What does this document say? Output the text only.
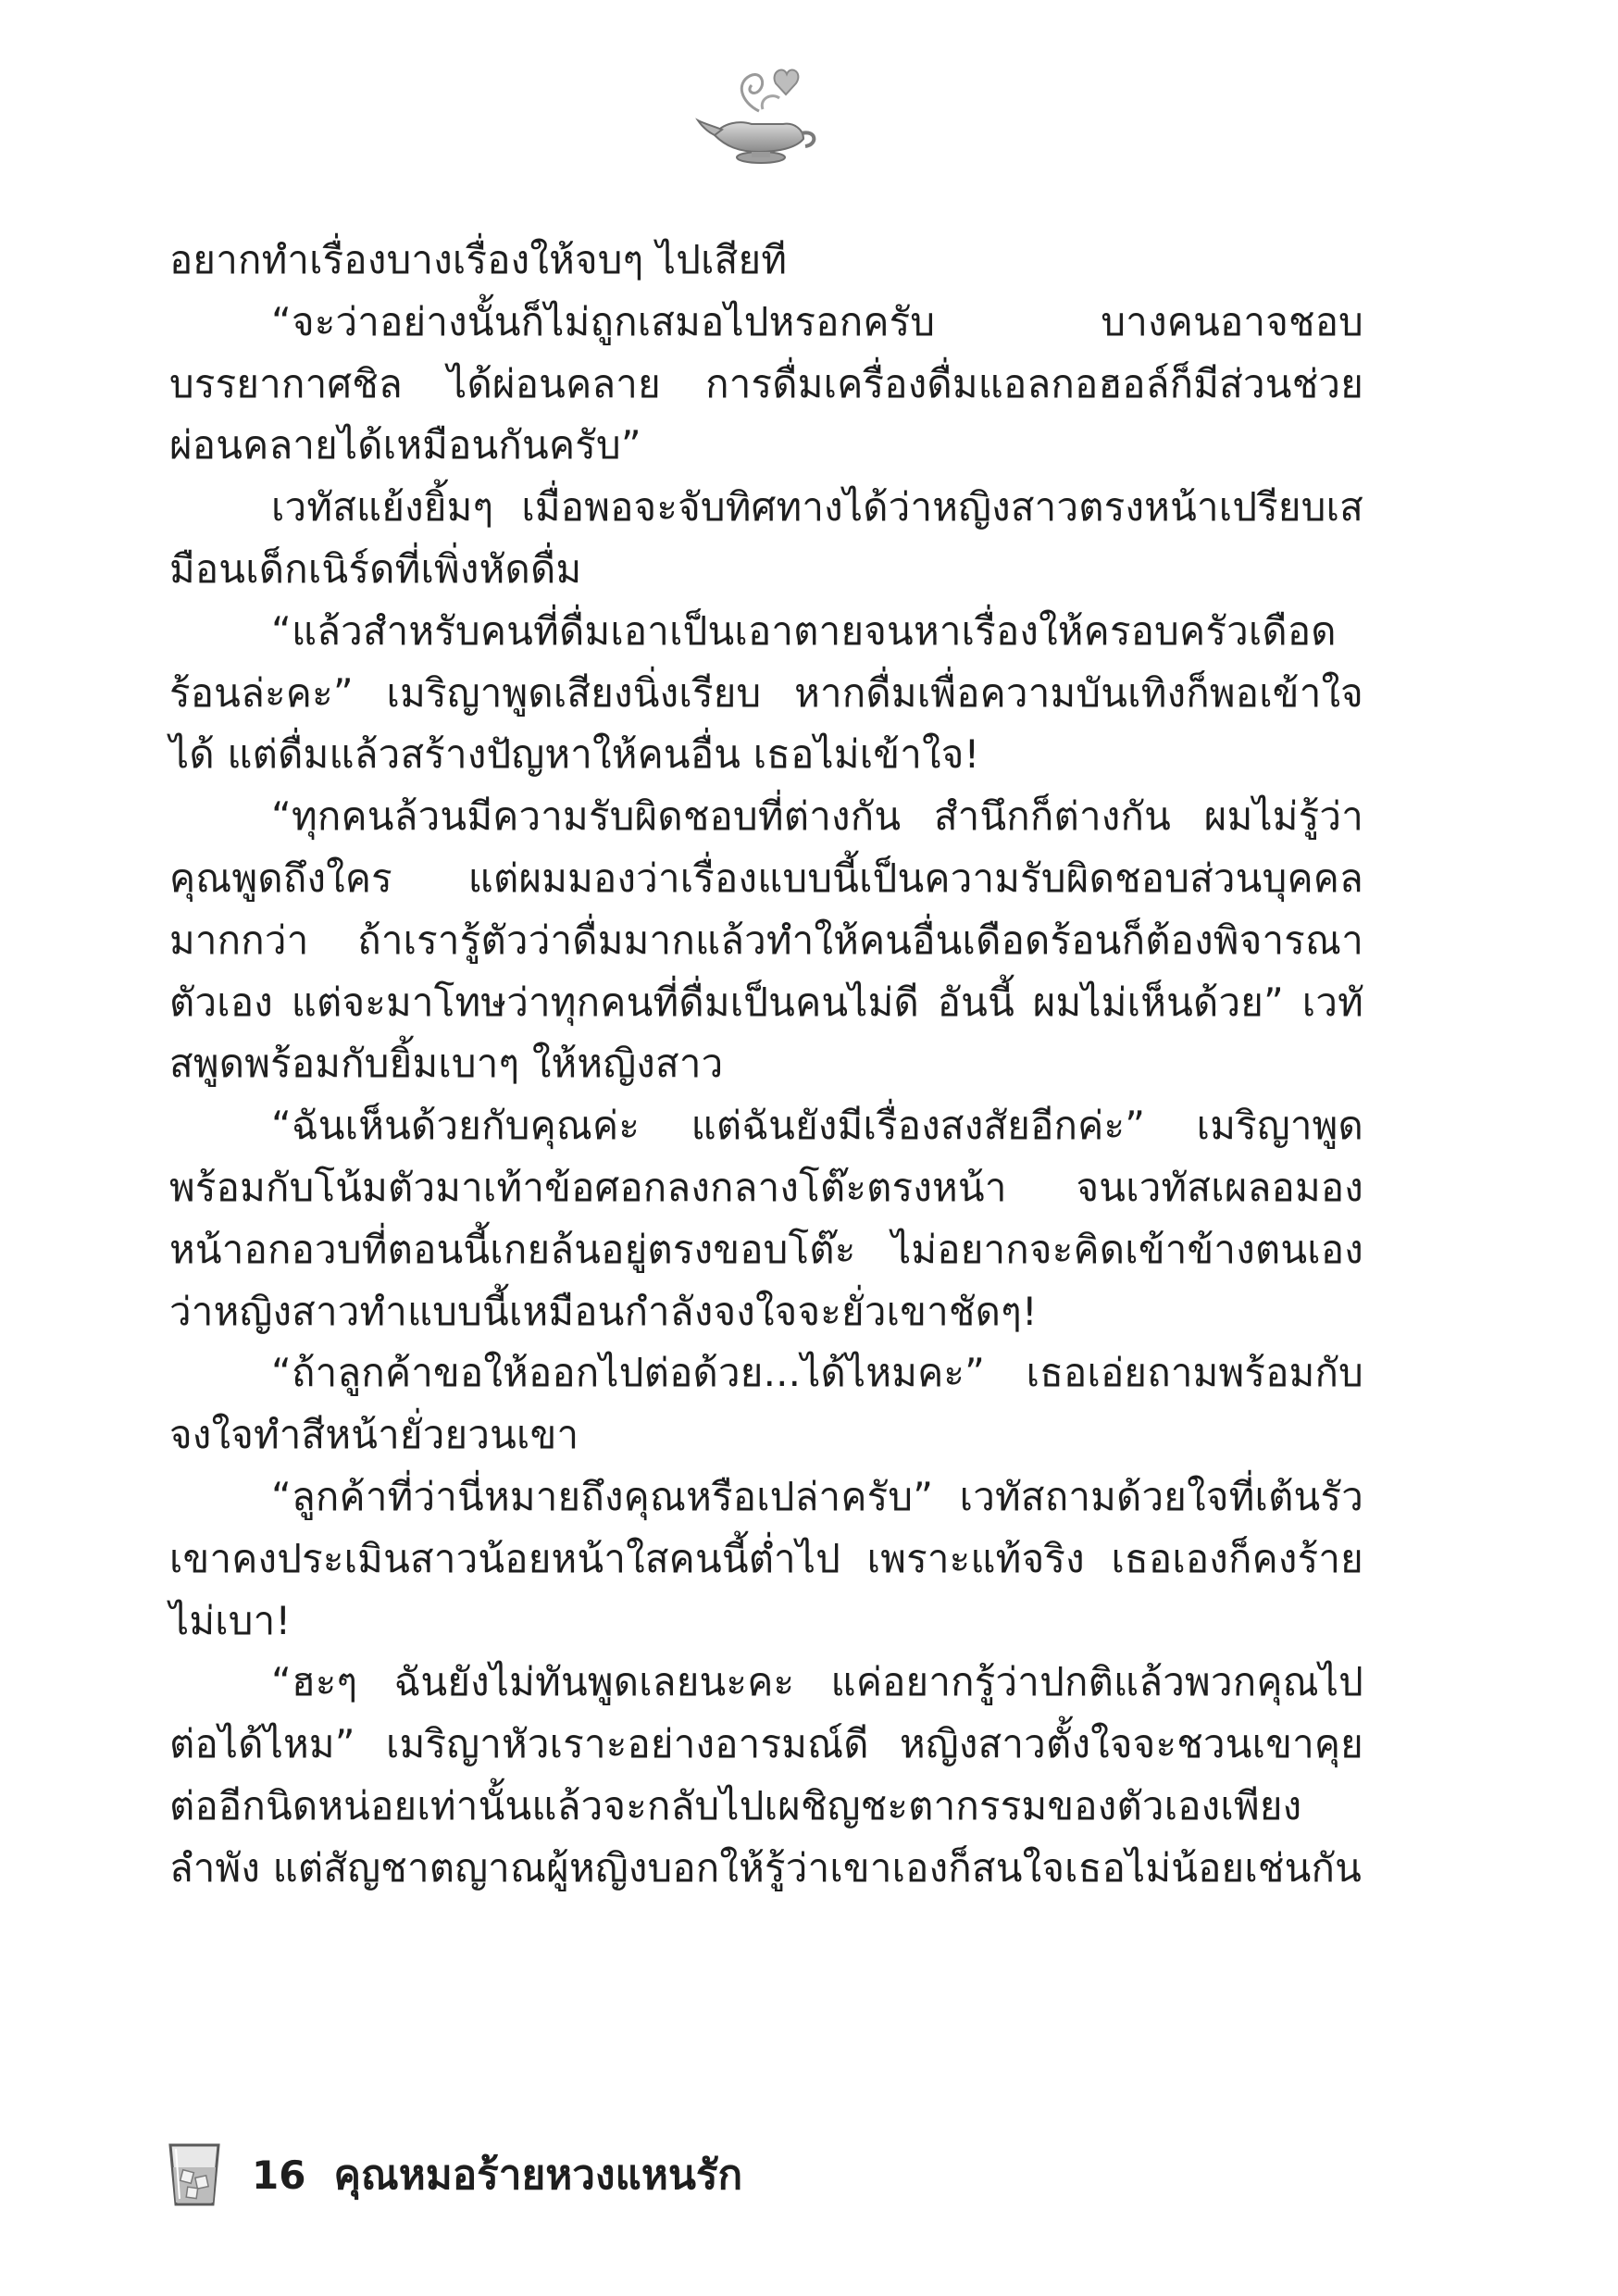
อยากทำเรื่องบางเรื่องให้จบๆ ไปเสียที

“จะว่าอย่างนั้นก็ไม่ถูกเสมอไปหรอกครับ บางคนอาจชอบบรรยากาศชิล ได้ผ่อนคลาย การดื่มเครื่องดื่มแอลกอฮอล์ก็มีส่วนช่วยผ่อนคลายได้เหมือนกันครับ”

เวทัสแย้งยิ้มๆ เมื่อพอจะจับทิศทางได้ว่าหญิงสาวตรงหน้าเปรียบเสมือนเด็กเนิร์ดที่เพิ่งหัดดื่ม

“แล้วสำหรับคนที่ดื่มเอาเป็นเอาตายจนหาเรื่องให้ครอบครัวเดือดร้อนล่ะคะ” เมริญาพูดเสียงนิ่งเรียบ หากดื่มเพื่อความบันเทิงก็พอเข้าใจได้ แต่ดื่มแล้วสร้างปัญหาให้คนอื่น เธอไม่เข้าใจ!

“ทุกคนล้วนมีความรับผิดชอบที่ต่างกัน สำนึกก็ต่างกัน ผมไม่รู้ว่าคุณพูดถึงใคร แต่ผมมองว่าเรื่องแบบนี้เป็นความรับผิดชอบส่วนบุคคลมากกว่า ถ้าเรารู้ตัวว่าดื่มมากแล้วทำให้คนอื่นเดือดร้อนก็ต้องพิจารณาตัวเอง แต่จะมาโทษว่าทุกคนที่ดื่มเป็นคนไม่ดี อันนี้ ผมไม่เห็นด้วย” เวทัสพูดพร้อมกับยิ้มเบาๆ ให้หญิงสาว

“ฉันเห็นด้วยกับคุณค่ะ แต่ฉันยังมีเรื่องสงสัยอีกค่ะ” เมริญาพูดพร้อมกับโน้มตัวมาเท้าข้อศอกลงกลางโต๊ะตรงหน้า จนเวทัสเผลอมองหน้าอกอวบที่ตอนนี้เกยล้นอยู่ตรงขอบโต๊ะ ไม่อยากจะคิดเข้าข้างตนเองว่าหญิงสาวทำแบบนี้เหมือนกำลังจงใจจะยั่วเขาชัดๆ!

“ถ้าลูกค้าขอให้ออกไปต่อด้วย...ได้ไหมคะ” เธอเอ่ยถามพร้อมกับจงใจทำสีหน้ายั่วยวนเขา

“ลูกค้าที่ว่านี่หมายถึงคุณหรือเปล่าครับ” เวทัสถามด้วยใจที่เต้นรัว เขาคงประเมินสาวน้อยหน้าใสคนนี้ต่ำไป เพราะแท้จริง เธอเองก็คงร้ายไม่เบา!

“ฮะๆ ฉันยังไม่ทันพูดเลยนะคะ แค่อยากรู้ว่าปกติแล้วพวกคุณไปต่อได้ไหม” เมริญาหัวเราะอย่างอารมณ์ดี หญิงสาวตั้งใจจะชวนเขาคุยต่ออีกนิดหน่อยเท่านั้นแล้วจะกลับไปเผชิญชะตากรรมของตัวเองเพียงลำพัง แต่สัญชาตญาณผู้หญิงบอกให้รู้ว่าเขาเองก็สนใจเธอไม่น้อยเช่นกัน

16 คุณหมอร้ายหวงแหนรัก
